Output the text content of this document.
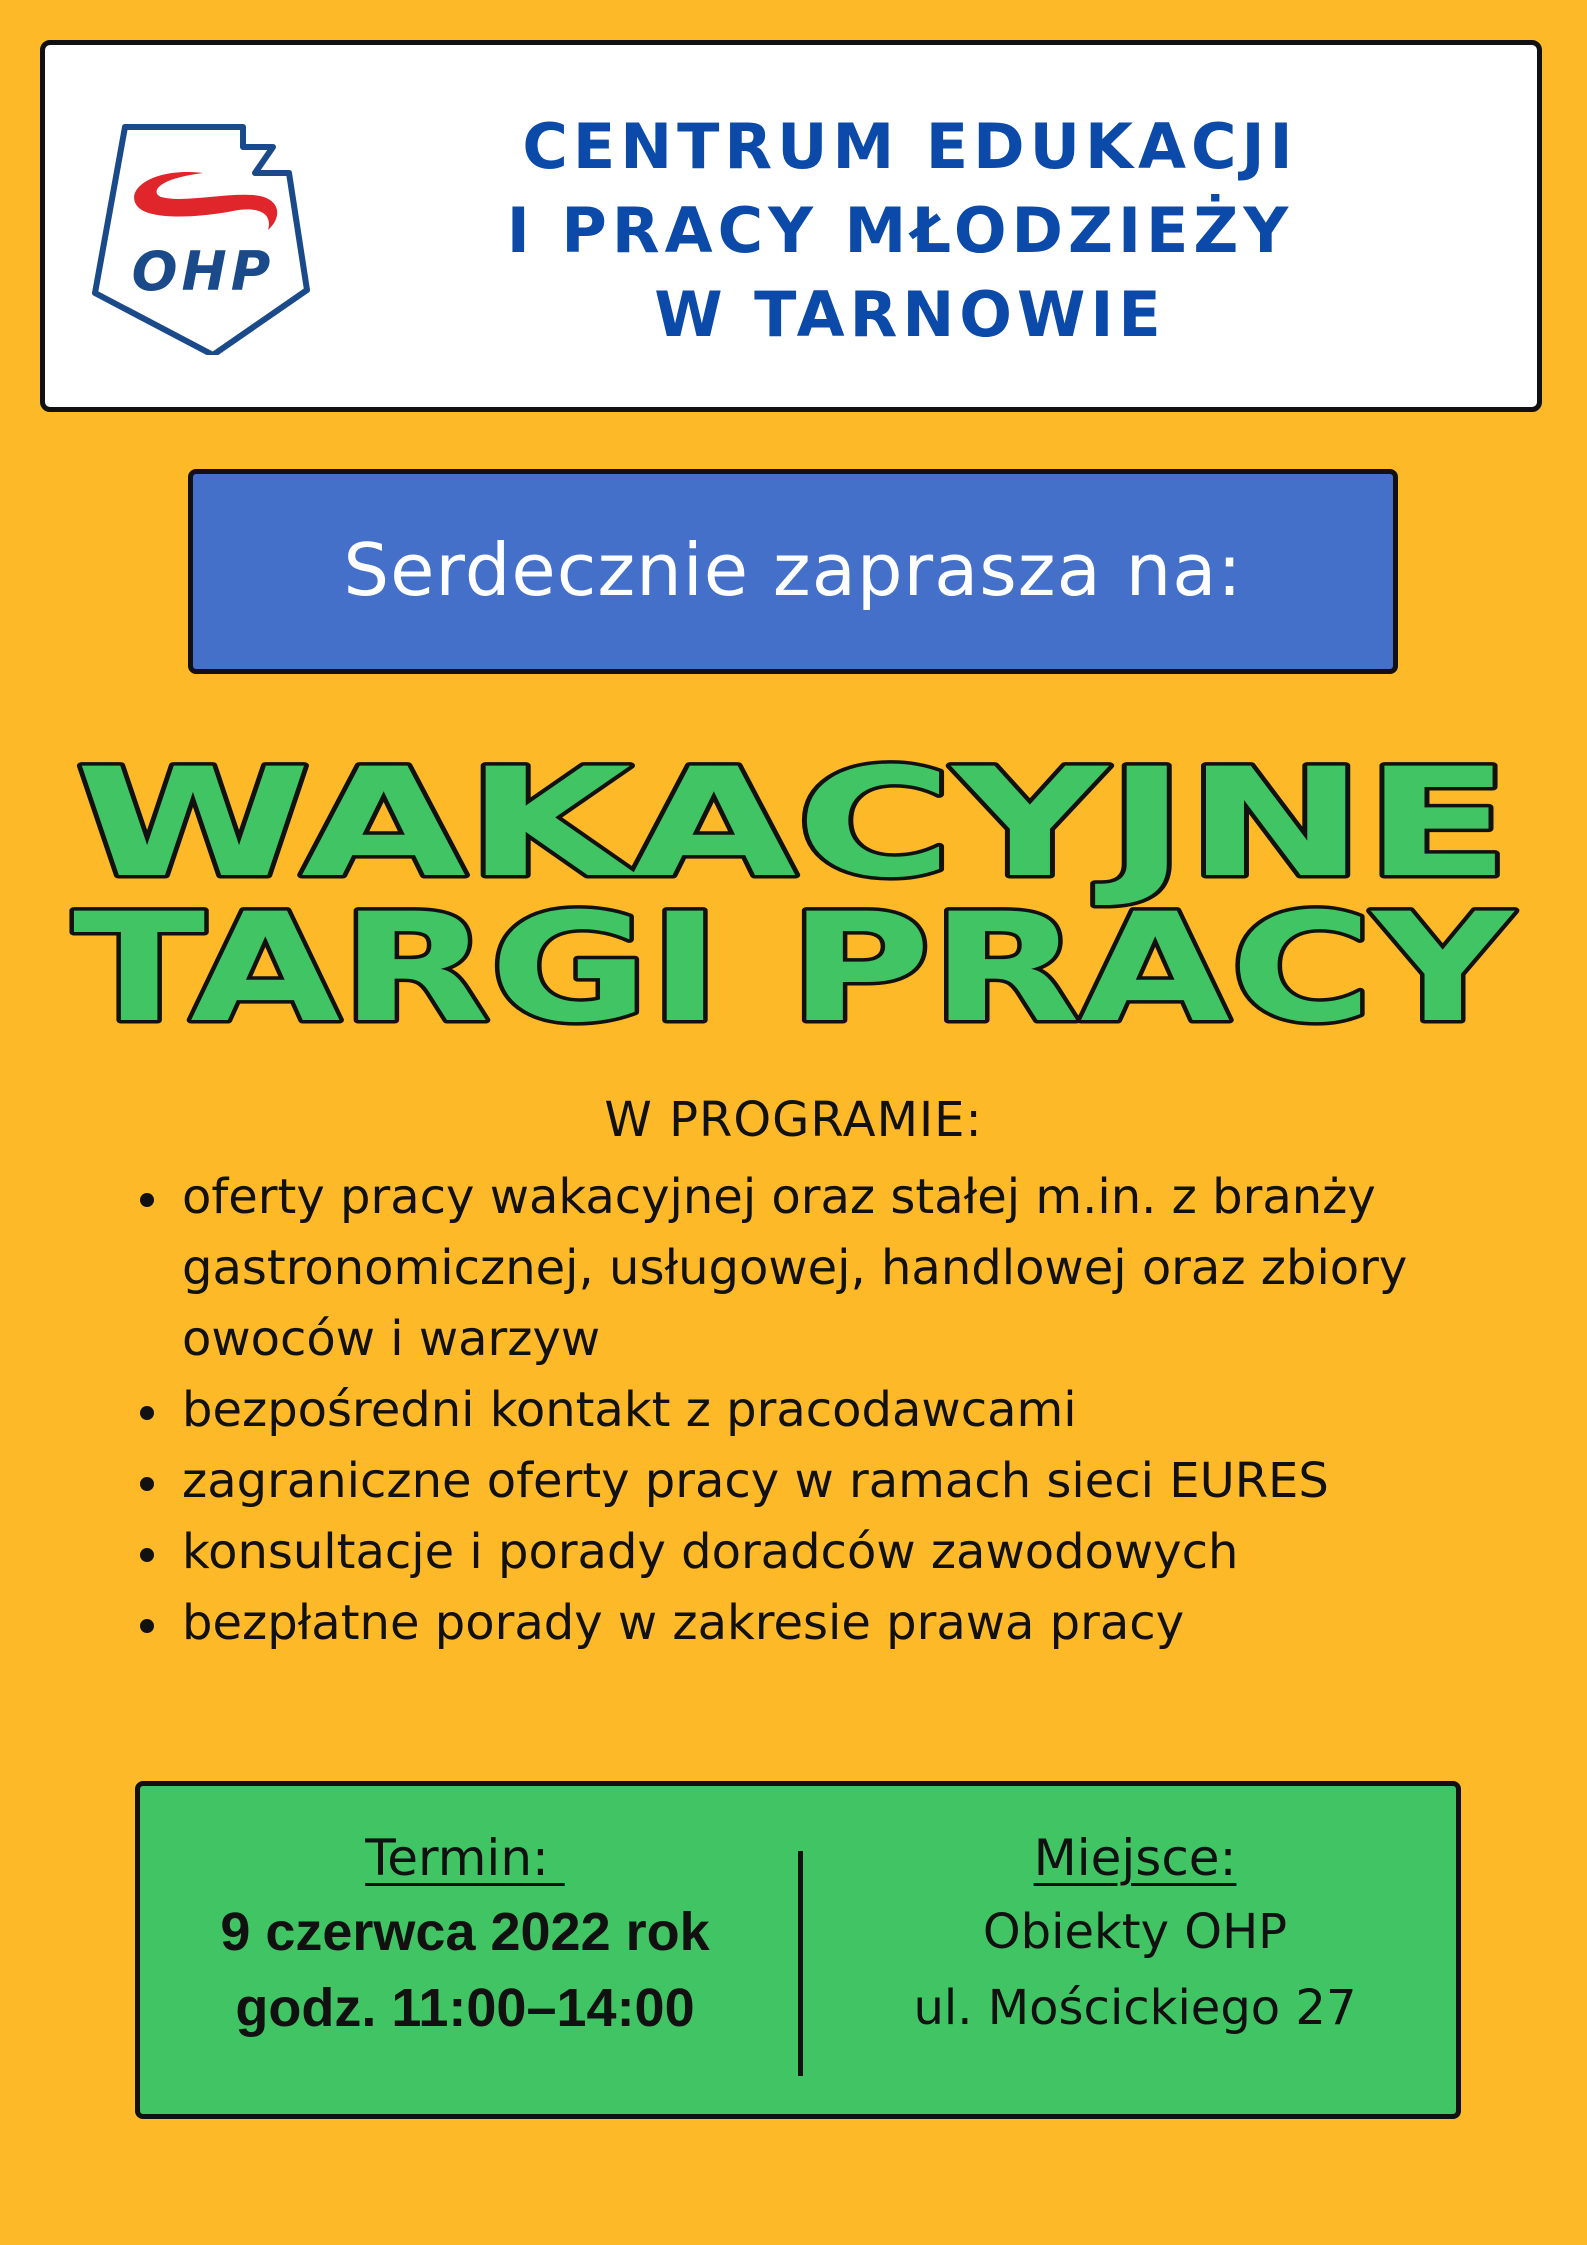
OHP
CENTRUM EDUKACJI
I PRACY MŁODZIEŻY
W TARNOWIE
Serdecznie zaprasza na:
WAKACYJNE
TARGI PRACY
W PROGRAMIE:
oferty pracy wakacyjnej oraz stałej m.in. z branży gastronomicznej, usługowej, handlowej oraz zbiory owoców i warzyw
bezpośredni kontakt z pracodawcami
zagraniczne oferty pracy w ramach sieci EURES
konsultacje i porady doradców zawodowych
bezpłatne porady w zakresie prawa pracy
Termin:
9 czerwca 2022 rok
godz. 11:00–14:00
Miejsce:
Obiekty OHP
ul. Mościckiego 27
